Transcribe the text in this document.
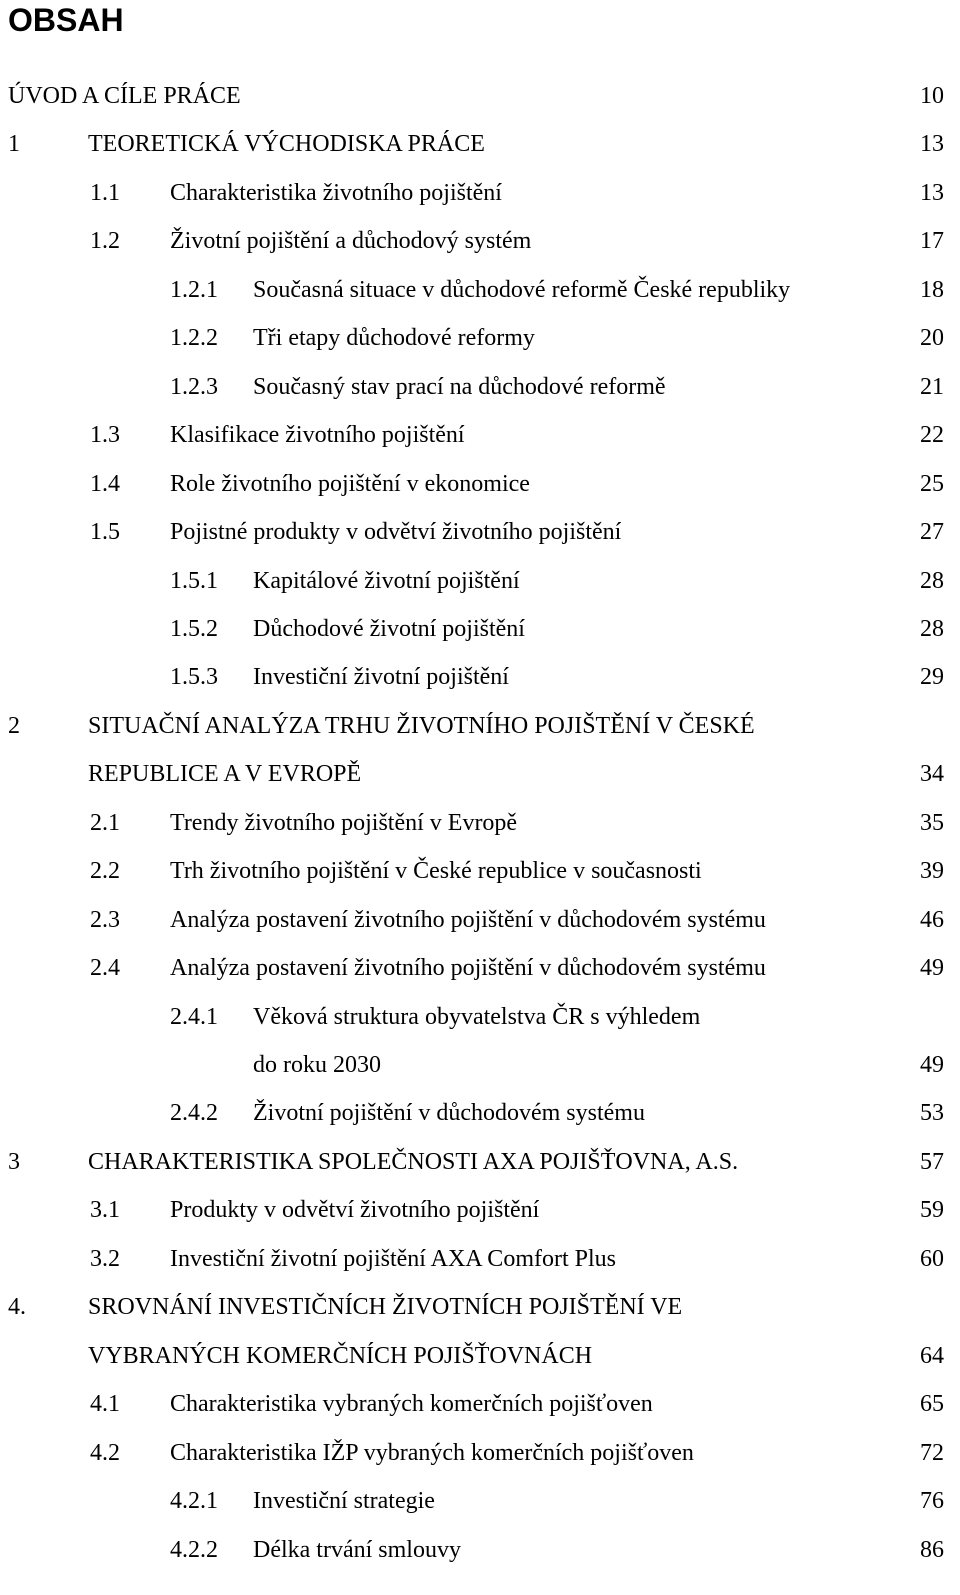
OBSAH
ÚVOD A CÍLE PRÁCE	10
1	TEORETICKÁ VÝCHODISKA PRÁCE	13
1.1 Charakteristika životního pojištění	13
1.2 Životní pojištění a důchodový systém	17
1.2.1 Současná situace v důchodové reformě České republiky	18
1.2.2 Tři etapy důchodové reformy	20
1.2.3 Současný stav prací na důchodové reformě	21
1.3 Klasifikace životního pojištění	22
1.4 Role životního pojištění v ekonomice	25
1.5 Pojistné produkty v odvětví životního pojištění	27
1.5.1 Kapitálové životní pojištění	28
1.5.2 Důchodové životní pojištění	28
1.5.3 Investiční životní pojištění	29
2	SITUAČNÍ ANALÝZA TRHU ŽIVOTNÍHO POJIŠTĚNÍ V ČESKÉ
REPUBLICE A V EVROPĚ	34
2.1 Trendy životního pojištění v Evropě	35
2.2 Trh životního pojištění v České republice v současnosti	39
2.3 Analýza postavení životního pojištění v důchodovém systému	46
2.4 Analýza postavení životního pojištění v důchodovém systému	49
2.4.1 Věková struktura obyvatelstva ČR s výhledem
do roku 2030	49
2.4.2 Životní pojištění v důchodovém systému	53
3	CHARAKTERISTIKA SPOLEČNOSTI AXA POJIŠŤOVNA, A.S.	57
3.1 Produkty v odvětví životního pojištění	59
3.2 Investiční životní pojištění AXA Comfort Plus	60
4.	SROVNÁNÍ INVESTIČNÍCH ŽIVOTNÍCH POJIŠTĚNÍ VE
VYBRANÝCH KOMERČNÍCH POJIŠŤOVNÁCH	64
4.1 Charakteristika vybraných komerčních pojišťoven	65
4.2 Charakteristika IŽP vybraných komerčních pojišťoven	72
4.2.1 Investiční strategie	76
4.2.2 Délka trvání smlouvy	86
